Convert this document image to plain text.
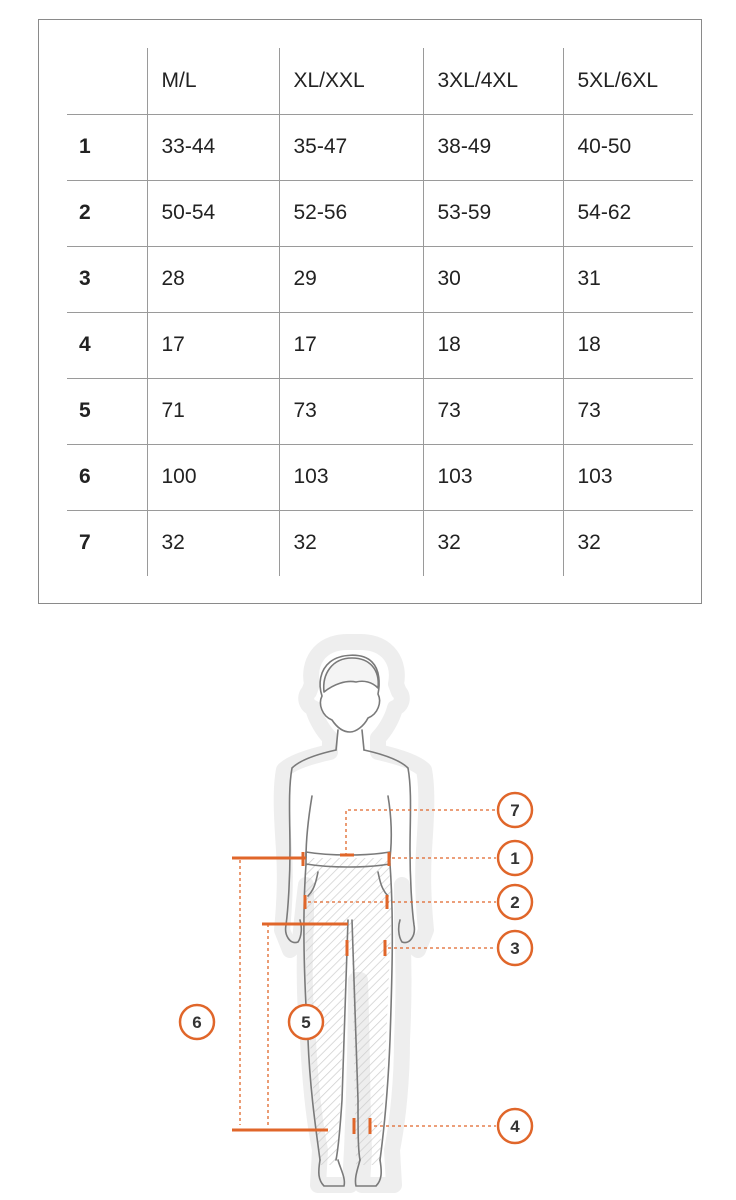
	M/L	XL/XXL	3XL/4XL	5XL/6XL
1	33-44	35-47	38-49	40-50
2	50-54	52-56	53-59	54-62
3	28	29	30	31
4	17	17	18	18
5	71	73	73	73
6	100	103	103	103
7	32	32	32	32
7
1
2
3
4
5
6
